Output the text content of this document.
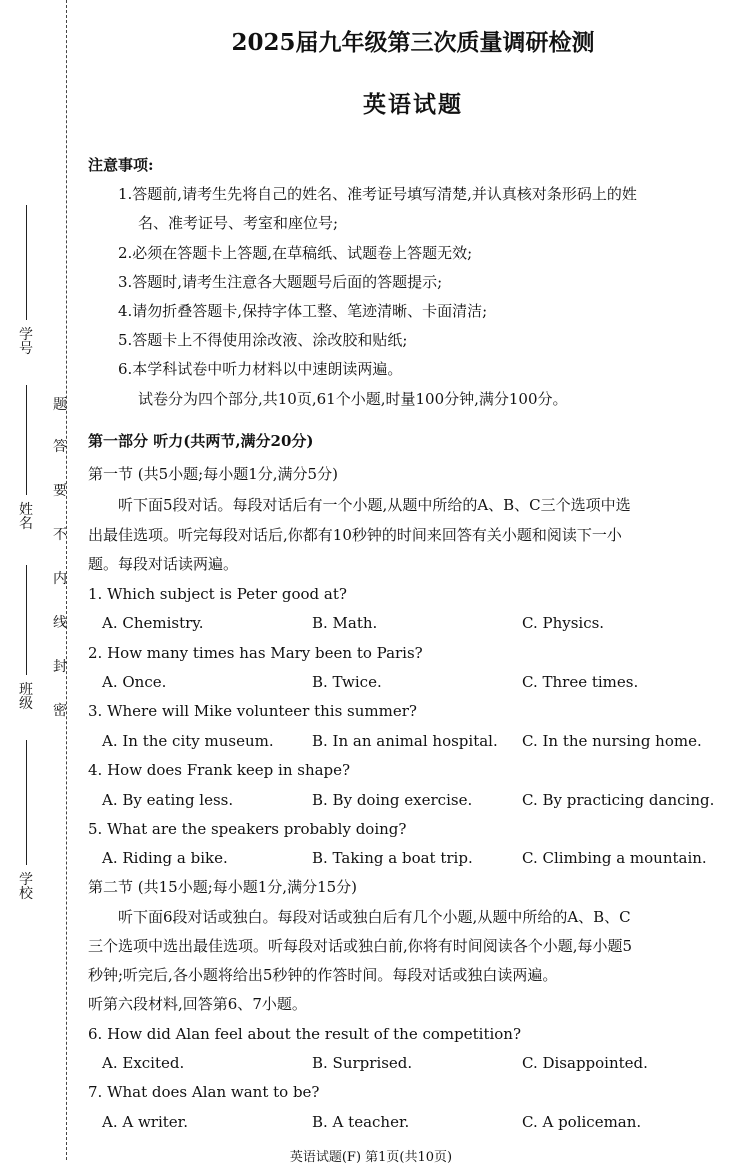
题
答
要
不
内
线
封
密
学号
姓名
班级
学校
2025届九年级第三次质量调研检测
英语试题
注意事项:
1.答题前,请考生先将自己的姓名、准考证号填写清楚,并认真核对条形码上的姓
名、准考证号、考室和座位号;
2.必须在答题卡上答题,在草稿纸、试题卷上答题无效;
3.答题时,请考生注意各大题题号后面的答题提示;
4.请勿折叠答题卡,保持字体工整、笔迹清晰、卡面清洁;
5.答题卡上不得使用涂改液、涂改胶和贴纸;
6.本学科试卷中听力材料以中速朗读两遍。
试卷分为四个部分,共10页,61个小题,时量100分钟,满分100分。
第一部分 听力(共两节,满分20分)
第一节 (共5小题;每小题1分,满分5分)
听下面5段对话。每段对话后有一个小题,从题中所给的A、B、C三个选项中选
出最佳选项。听完每段对话后,你都有10秒钟的时间来回答有关小题和阅读下一小
题。每段对话读两遍。
1. Which subject is Peter good at?
A. Chemistry.	B. Math.	C. Physics.
2. How many times has Mary been to Paris?
A. Once.	B. Twice.	C. Three times.
3. Where will Mike volunteer this summer?
A. In the city museum.	B. In an animal hospital. C. In the nursing home.
4. How does Frank keep in shape?
A. By eating less.	B. By doing exercise.	C. By practicing dancing.
5. What are the speakers probably doing?
A. Riding a bike.	B. Taking a boat trip.	C. Climbing a mountain.
第二节 (共15小题;每小题1分,满分15分)
听下面6段对话或独白。每段对话或独白后有几个小题,从题中所给的A、B、C
三个选项中选出最佳选项。听每段对话或独白前,你将有时间阅读各个小题,每小题5
秒钟;听完后,各小题将给出5秒钟的作答时间。每段对话或独白读两遍。
听第六段材料,回答第6、7小题。
6. How did Alan feel about the result of the competition?
A. Excited.	B. Surprised.	C. Disappointed.
7. What does Alan want to be?
A. A writer.	B. A teacher.	C. A policeman.
英语试题(F) 第1页(共10页)
